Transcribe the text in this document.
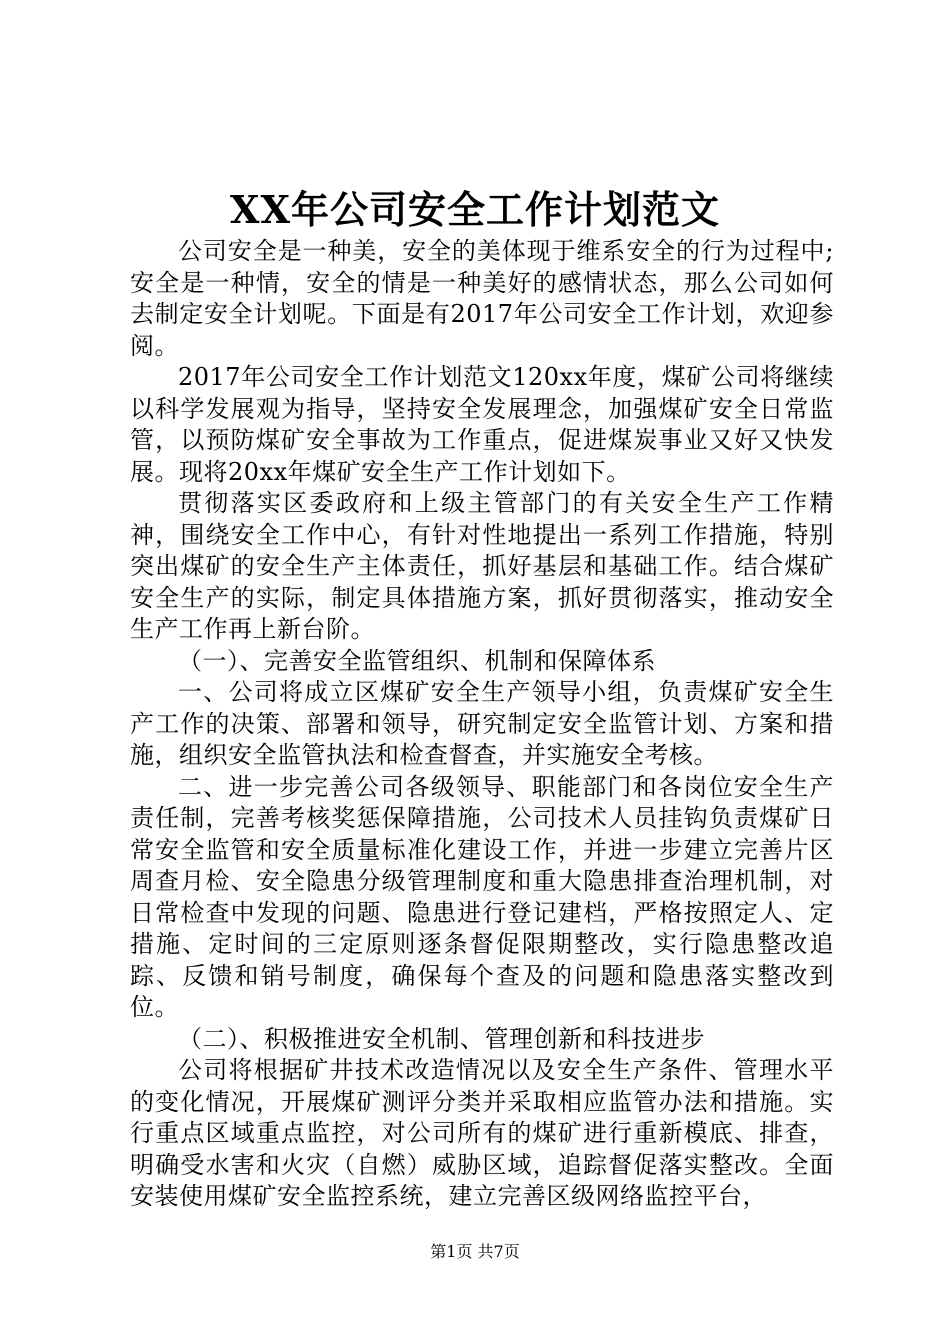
XX年公司安全工作计划范文

公司安全是一种美，安全的美体现于维系安全的行为过程中;安全是一种情，安全的情是一种美好的感情状态，那么公司如何去制定安全计划呢。下面是有2017年公司安全工作计划，欢迎参阅。

2017年公司安全工作计划范文120xx年度，煤矿公司将继续以科学发展观为指导，坚持安全发展理念，加强煤矿安全日常监管，以预防煤矿安全事故为工作重点，促进煤炭事业又好又快发展。现将20xx年煤矿安全生产工作计划如下。

贯彻落实区委政府和上级主管部门的有关安全生产工作精神，围绕安全工作中心，有针对性地提出一系列工作措施，特别突出煤矿的安全生产主体责任，抓好基层和基础工作。结合煤矿安全生产的实际，制定具体措施方案，抓好贯彻落实，推动安全生产工作再上新台阶。

（一）、完善安全监管组织、机制和保障体系

一、公司将成立区煤矿安全生产领导小组，负责煤矿安全生产工作的决策、部署和领导，研究制定安全监管计划、方案和措施，组织安全监管执法和检查督查，并实施安全考核。

二、进一步完善公司各级领导、职能部门和各岗位安全生产责任制，完善考核奖惩保障措施，公司技术人员挂钩负责煤矿日常安全监管和安全质量标准化建设工作，并进一步建立完善片区周查月检、安全隐患分级管理制度和重大隐患排查治理机制，对日常检查中发现的问题、隐患进行登记建档，严格按照定人、定措施、定时间的三定原则逐条督促限期整改，实行隐患整改追踪、反馈和销号制度，确保每个查及的问题和隐患落实整改到位。

（二）、积极推进安全机制、管理创新和科技进步

公司将根据矿井技术改造情况以及安全生产条件、管理水平的变化情况，开展煤矿测评分类并采取相应监管办法和措施。实行重点区域重点监控，对公司所有的煤矿进行重新模底、排查，明确受水害和火灾（自燃）威胁区域，追踪督促落实整改。全面安装使用煤矿安全监控系统，建立完善区级网络监控平台，

第1页 共7页
